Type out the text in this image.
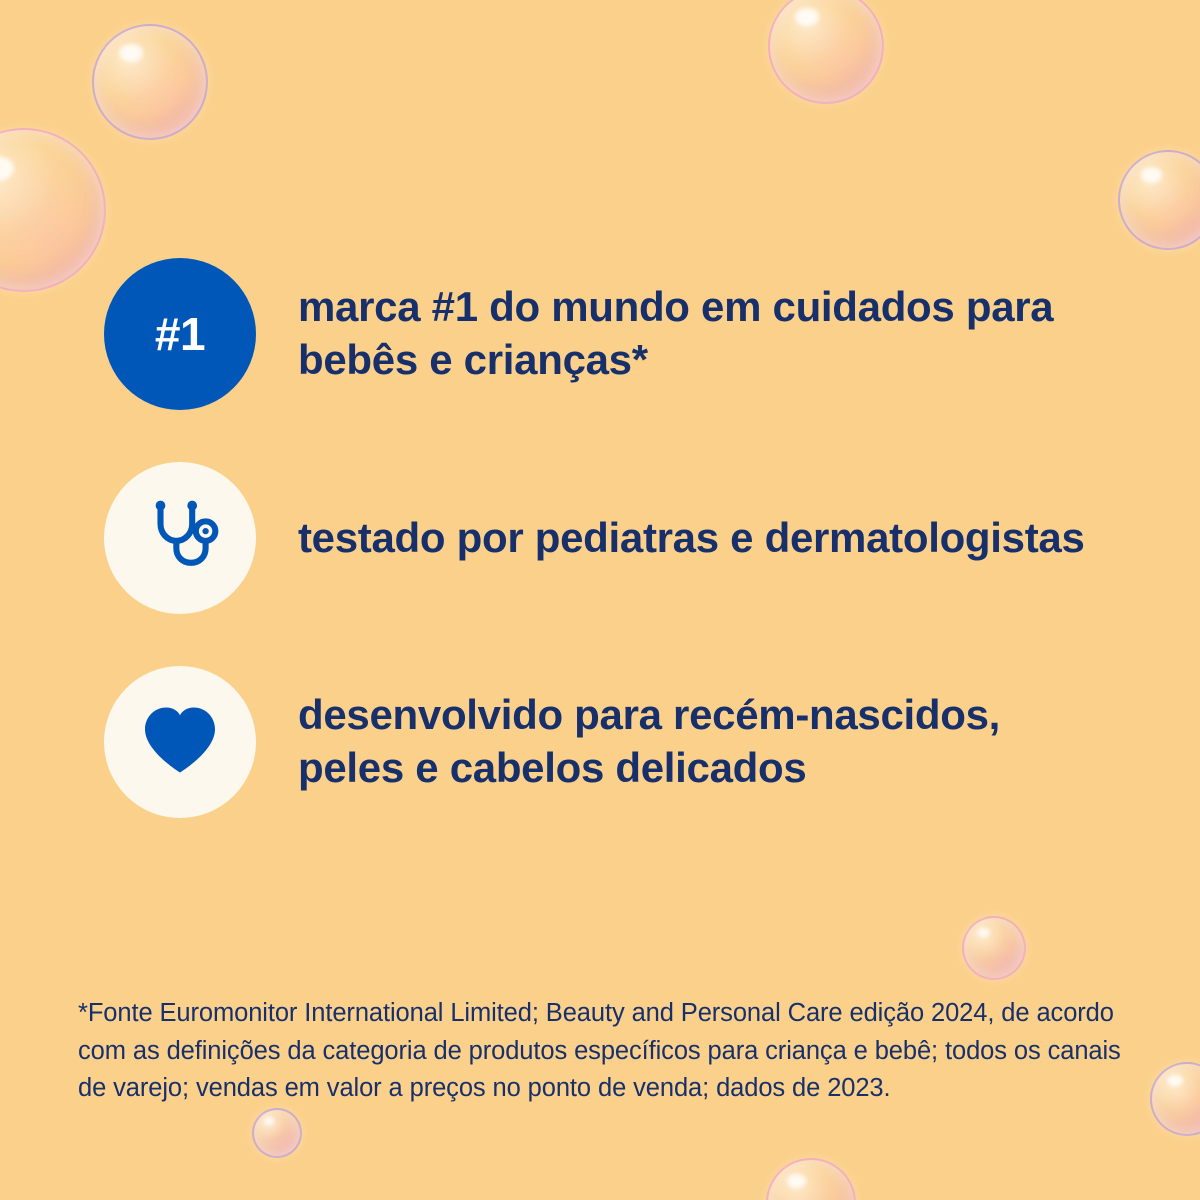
#1
marca #1 do mundo em cuidados para bebês e crianças*
testado por pediatras e dermatologistas
desenvolvido para recém-nascidos, peles e cabelos delicados
*Fonte Euromonitor International Limited; Beauty and Personal Care edição 2024, de acordo com as definições da categoria de produtos específicos para criança e bebê; todos os canais de varejo; vendas em valor a preços no ponto de venda; dados de 2023.
